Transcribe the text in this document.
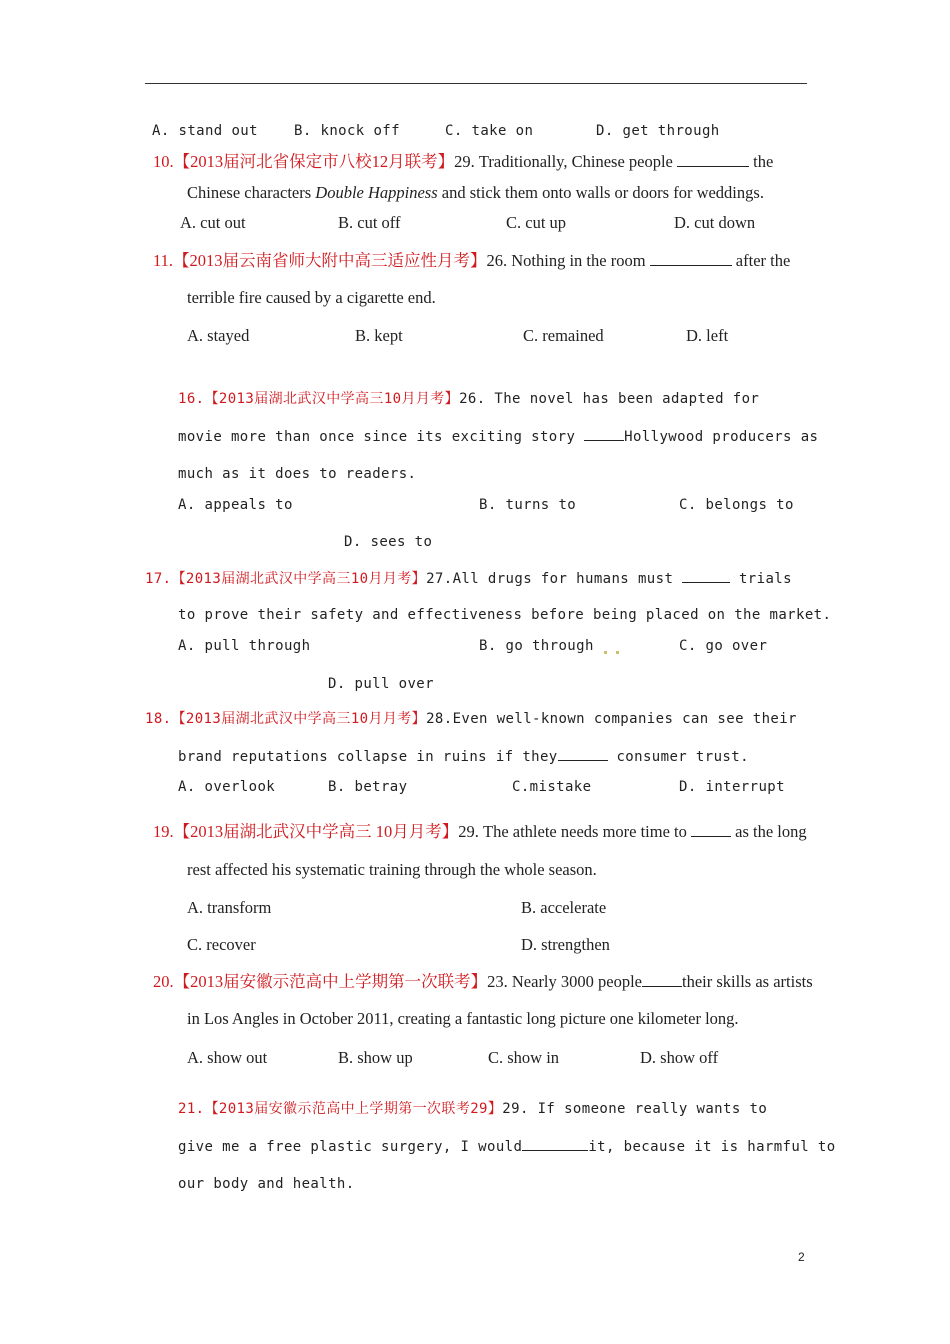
A. stand out	B. knock off	C. take on	D. get through
10.【2013届河北省保定市八校12月联考】29. Traditionally, Chinese people	the
Chinese characters Double Happiness and stick them onto walls or doors for weddings.
A. cut out	B. cut off	C. cut up	D. cut down
11.【2013届云南省师大附中高三适应性月考】26. Nothing in the room	after the
terrible fire caused by a cigarette end.
A. stayed	B. kept	C. remained	D. left
16.【2013届湖北武汉中学高三10月月考】26. The novel has been adapted for
movie more than once since its exciting story	Hollywood producers as
much as it does to readers.
A. appeals to	B. turns to	C. belongs to
D. sees to
17.【2013届湖北武汉中学高三10月月考】27.All drugs for humans must	trials
to prove their safety and effectiveness before being placed on the market.
A. pull through	B. go through	C. go over
D. pull over
18.【2013届湖北武汉中学高三10月月考】28.Even well-known companies can see their
brand reputations collapse in ruins if they	consumer trust.
A. overlook	B. betray	C.mistake	D. interrupt
19.【2013届湖北武汉中学高三 10月月考】29. The athlete needs more time to  as the long
rest affected his systematic training through the whole season.
A. transform	B. accelerate
C. recover	D. strengthen
20.【2013届安徽示范高中上学期第一次联考】23. Nearly 3000 people their skills as artists
in Los Angles in October 2011, creating a fantastic long picture one kilometer long.
A. show out	B. show up	C. show in	D. show off
21.【2013届安徽示范高中上学期第一次联考29】29. If someone really wants to
give me a free plastic surgery, I would	it, because it is harmful to
our body and health.
2
